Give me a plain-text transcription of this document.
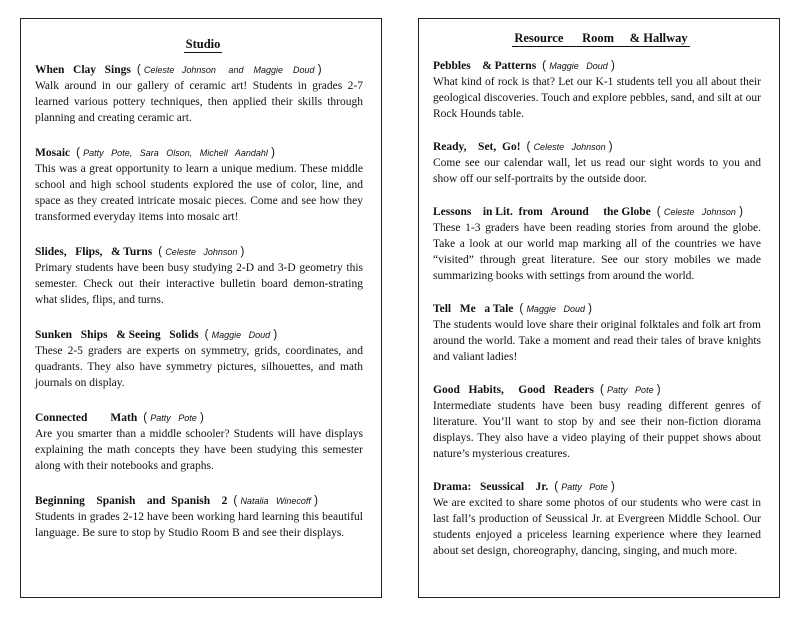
Studio
When   Clay   Sings ( Celeste   Johnson     and    Maggie    Doud )
Walk around in our gallery of ceramic art! Students in grades 2-7 learned various pottery techniques, then applied their skills through planning and creating ceramic art.
Mosaic ( Patty   Pote,   Sara   Olson,   Michell   Aandahl )
This was a great opportunity to learn a unique medium. These middle school and high school students explored the use of color, line, and space as they created intricate mosaic pieces. Come and see how they transformed everyday items into mosaic art!
Slides,   Flips,   & Turns ( Celeste   Johnson )
Primary students have been busy studying 2-D and 3-D geometry this semester. Check out their interactive bulletin board demon-strating what slides, flips, and turns.
Sunken   Ships   & Seeing   Solids ( Maggie   Doud )
These 2-5 graders are experts on symmetry, grids, coordinates, and quadrants. They also have symmetry pictures, silhouettes, and math journals on display.
Connected        Math ( Patty   Pote )
Are you smarter than a middle schooler? Students will have displays explaining the math concepts they have been studying this semester along with their notebooks and graphs.
Beginning    Spanish    and  Spanish    2 ( Natalia   Winecoff )
Students in grades 2-12 have been working hard learning this beautiful language. Be sure to stop by Studio Room B and see their displays.
Resource      Room     & Hallway
Pebbles    & Patterns ( Maggie   Doud )
What kind of rock is that? Let our K-1 students tell you all about their geological discoveries. Touch and explore pebbles, sand, and silt at our Rock Hounds table.
Ready,    Set,  Go! ( Celeste   Johnson )
Come see our calendar wall, let us read our sight words to you and show off our self-portraits by the outside door.
Lessons    in Lit.  from   Around     the Globe ( Celeste   Johnson )
These 1-3 graders have been reading stories from around the globe. Take a look at our world map marking all of the countries we have “visited” through great literature. See our story mobiles we made summarizing books with settings from around the world.
Tell   Me   a Tale ( Maggie   Doud )
The students would love share their original folktales and folk art from around the world. Take a moment and read their tales of brave knights and valiant ladies!
Good   Habits,     Good   Readers ( Patty   Pote )
Intermediate students have been busy reading different genres of literature. You’ll want to stop by and see their non-fiction diorama displays. They also have a video playing of their puppet shows about nature’s mysterious creatures.
Drama:   Seussical    Jr. ( Patty   Pote )
We are excited to share some photos of our students who were cast in last fall’s production of Seussical Jr. at Evergreen Middle School. Our students enjoyed a priceless learning experience where they learned about set design, choreography, dancing, singing, and much more.
